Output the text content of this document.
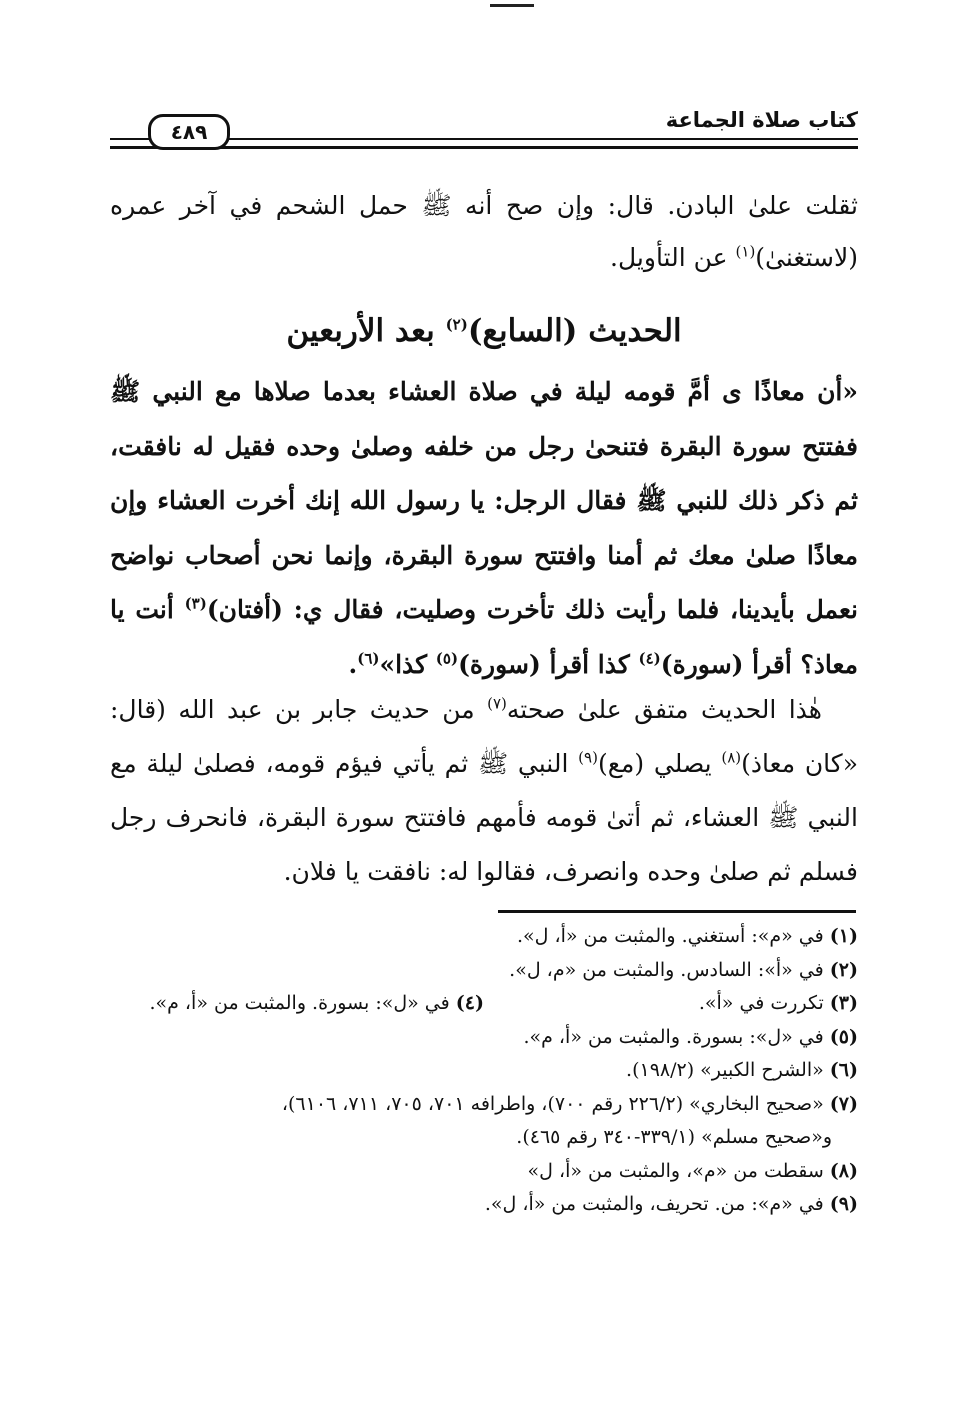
كتاب صلاة الجماعة
٤٨٩

ثقلت علىٰ البادن. قال: وإن صح أنه ﷺ حمل الشحم في آخر عمره (لاستغنىٰ)$^{(١)}$ عن التأويل.

الحديث (السابع)$^{(٢)}$ بعد الأربعين

«أن معاذًا ى أمَّ قومه ليلة في صلاة العشاء بعدما صلاها مع النبي ﷺ ففتتح سورة البقرة فتنحىٰ رجل من خلفه وصلىٰ وحده فقيل له نافقت، ثم ذكر ذلك للنبي ﷺ فقال الرجل: يا رسول الله إنك أخرت العشاء وإن معاذًا صلىٰ معك ثم أمنا وافتتح سورة البقرة، وإنما نحن أصحاب نواضح نعمل بأيدينا، فلما رأيت ذلك تأخرت وصليت، فقال ي: (أفتان)$^{(٣)}$ أنت يا معاذ؟ أقرأ (سورة)$^{(٤)}$ كذا أقرأ (سورة)$^{(٥)}$ كذا»$^{(٦)}$.

هٰذا الحديث متفق علىٰ صحته$^{(٧)}$ من حديث جابر بن عبد الله (قال: «كان معاذ)$^{(٨)}$ يصلي (مع)$^{(٩)}$ النبي ﷺ ثم يأتي فيؤم قومه، فصلىٰ ليلة مع النبي ﷺ العشاء، ثم أتىٰ قومه فأمهم فافتتح سورة البقرة، فانحرف رجل فسلم ثم صلىٰ وحده وانصرف، فقالوا له: نافقت يا فلان.

(١) في «م»: أستغني. والمثبت من «أ، ل».
(٢) في «أ»: السادس. والمثبت من «م، ل».
(٣) تكررت في «أ».
(٤) في «ل»: بسورة. والمثبت من «أ، م».
(٥) في «ل»: بسورة. والمثبت من «أ، م».
(٦) «الشرح الكبير» (١٩٨/٢).
(٧) «صحيح البخاري» (٢٢٦/٢ رقم ٧٠٠)، واطرافه ٧٠١، ٧٠٥، ٧١١، ٦١٠٦)،
و«صحيح مسلم» (٣٣٩/١-٣٤٠ رقم ٤٦٥).
(٨) سقطت من «م»، والمثبت من «أ، ل»
(٩) في «م»: من. تحريف، والمثبت من «أ، ل».
